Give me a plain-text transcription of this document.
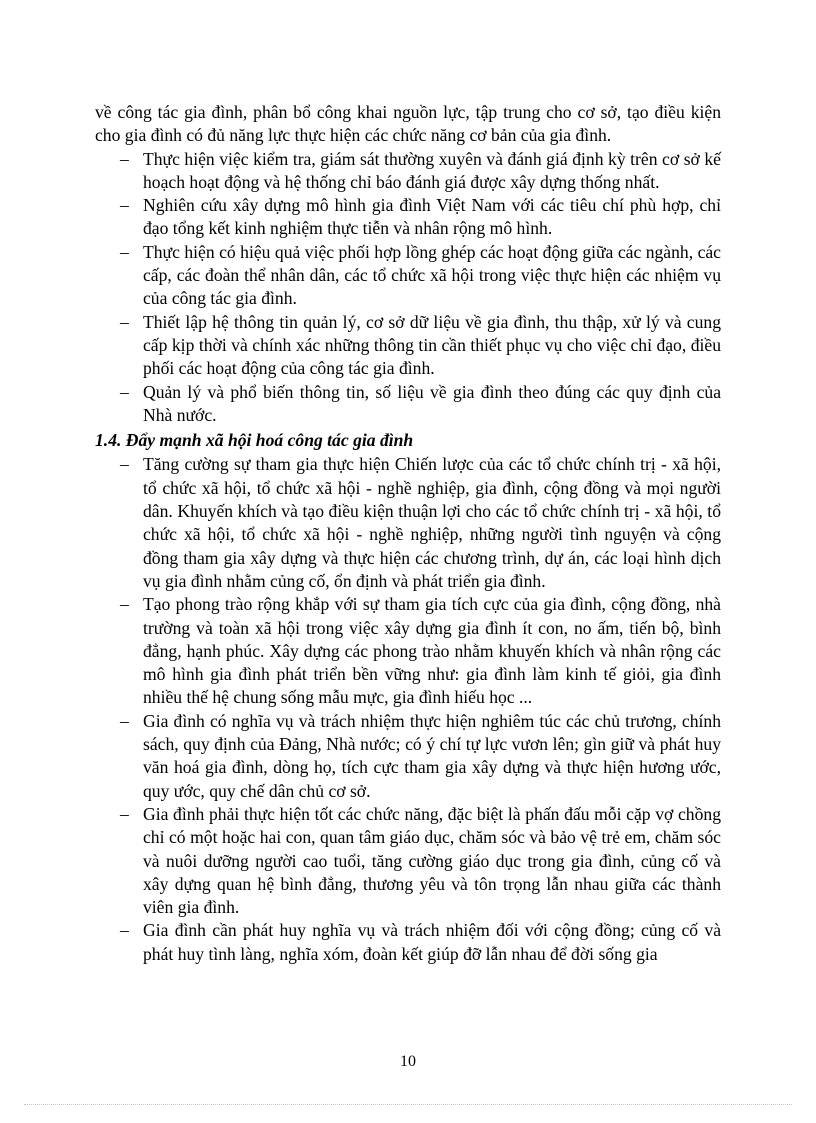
về công tác gia đình, phân bổ công khai nguồn lực, tập trung cho cơ sở, tạo điều kiện cho gia đình có đủ năng lực thực hiện các chức năng cơ bản của gia đình.

– Thực hiện việc kiểm tra, giám sát thường xuyên và đánh giá định kỳ trên cơ sở kế hoạch hoạt động và hệ thống chỉ báo đánh giá được xây dựng thống nhất.

– Nghiên cứu xây dựng mô hình gia đình Việt Nam với các tiêu chí phù hợp, chỉ đạo tổng kết kinh nghiệm thực tiễn và nhân rộng mô hình.

– Thực hiện có hiệu quả việc phối hợp lồng ghép các hoạt động giữa các ngành, các cấp, các đoàn thể nhân dân, các tổ chức xã hội trong việc thực hiện các nhiệm vụ của công tác gia đình.

– Thiết lập hệ thông tin quản lý, cơ sở dữ liệu về gia đình, thu thập, xử lý và cung cấp kịp thời và chính xác những thông tin cần thiết phục vụ cho việc chỉ đạo, điều phối các hoạt động của công tác gia đình.

– Quản lý và phổ biến thông tin, số liệu về gia đình theo đúng các quy định của Nhà nước.

1.4. Đẩy mạnh xã hội hoá công tác gia đình

– Tăng cường sự tham gia thực hiện Chiến lược của các tổ chức chính trị - xã hội, tổ chức xã hội, tổ chức xã hội - nghề nghiệp, gia đình, cộng đồng và mọi người dân. Khuyến khích và tạo điều kiện thuận lợi cho các tổ chức chính trị - xã hội, tổ chức xã hội, tổ chức xã hội - nghề nghiệp, những người tình nguyện và cộng đồng tham gia xây dựng và thực hiện các chương trình, dự án, các loại hình dịch vụ gia đình nhằm củng cố, ổn định và phát triển gia đình.

– Tạo phong trào rộng khắp với sự tham gia tích cực của gia đình, cộng đồng, nhà trường và toàn xã hội trong việc xây dựng gia đình ít con, no ấm, tiến bộ, bình đẳng, hạnh phúc. Xây dựng các phong trào nhằm khuyến khích và nhân rộng các mô hình gia đình phát triển bền vững như: gia đình làm kinh tế giỏi, gia đình nhiều thế hệ chung sống mẫu mực, gia đình hiếu học ...

– Gia đình có nghĩa vụ và trách nhiệm thực hiện nghiêm túc các chủ trương, chính sách, quy định của Đảng, Nhà nước; có ý chí tự lực vươn lên; gìn giữ và phát huy văn hoá gia đình, dòng họ, tích cực tham gia xây dựng và thực hiện hương ước, quy ước, quy chế dân chủ cơ sở.

– Gia đình phải thực hiện tốt các chức năng, đặc biệt là phấn đấu mỗi cặp vợ chồng chỉ có một hoặc hai con, quan tâm giáo dục, chăm sóc và bảo vệ trẻ em, chăm sóc và nuôi dưỡng người cao tuổi, tăng cường giáo dục trong gia đình, củng cố và xây dựng quan hệ bình đẳng, thương yêu và tôn trọng lẫn nhau giữa các thành viên gia đình.

– Gia đình cần phát huy nghĩa vụ và trách nhiệm đối với cộng đồng; củng cố và phát huy tình làng, nghĩa xóm, đoàn kết giúp đỡ lẫn nhau để đời sống gia

10
